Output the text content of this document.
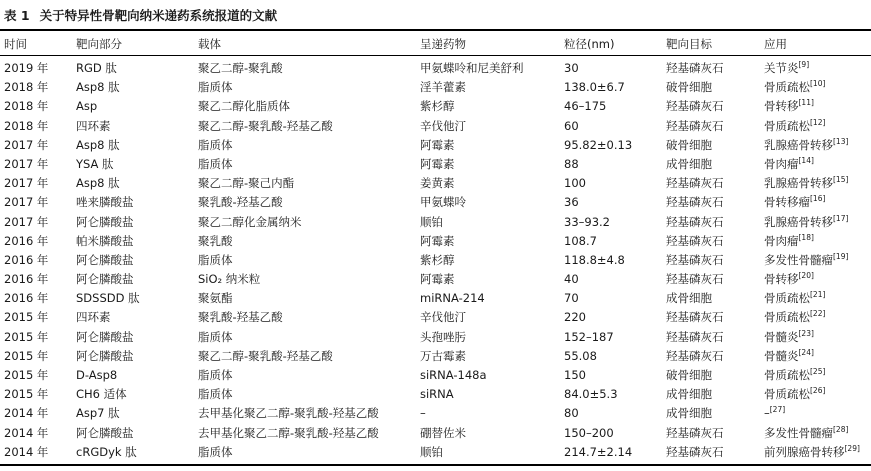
表 1 关于特异性骨靶向纳米递药系统报道的文献
时间	靶向部分	载体	呈递药物	粒径(nm)	靶向目标	应用
2019 年	RGD 肽	聚乙二醇-聚乳酸	甲氨蝶呤和尼美舒利	30	羟基磷灰石	关节炎[9]
2018 年	Asp8 肽	脂质体	淫羊藿素	138.0±6.7	破骨细胞	骨质疏松[10]
2018 年	Asp	聚乙二醇化脂质体	紫杉醇	46–175	羟基磷灰石	骨转移[11]
2018 年	四环素	聚乙二醇-聚乳酸-羟基乙酸	辛伐他汀	60	羟基磷灰石	骨质疏松[12]
2017 年	Asp8 肽	脂质体	阿霉素	95.82±0.13	破骨细胞	乳腺癌骨转移[13]
2017 年	YSA 肽	脂质体	阿霉素	88	成骨细胞	骨肉瘤[14]
2017 年	Asp8 肽	聚乙二醇-聚己内酯	姜黄素	100	羟基磷灰石	乳腺癌骨转移[15]
2017 年	唑来膦酸盐	聚乳酸-羟基乙酸	甲氨蝶呤	36	羟基磷灰石	骨转移瘤[16]
2017 年	阿仑膦酸盐	聚乙二醇化金属纳米	顺铂	33–93.2	羟基磷灰石	乳腺癌骨转移[17]
2016 年	帕米膦酸盐	聚乳酸	阿霉素	108.7	羟基磷灰石	骨肉瘤[18]
2016 年	阿仑膦酸盐	脂质体	紫杉醇	118.8±4.8	羟基磷灰石	多发性骨髓瘤[19]
2016 年	阿仑膦酸盐	SiO₂ 纳米粒	阿霉素	40	羟基磷灰石	骨转移[20]
2016 年	SDSSDD 肽	聚氨酯	miRNA-214	70	成骨细胞	骨质疏松[21]
2015 年	四环素	聚乳酸-羟基乙酸	辛伐他汀	220	羟基磷灰石	骨质疏松[22]
2015 年	阿仑膦酸盐	脂质体	头孢唑肟	152–187	羟基磷灰石	骨髓炎[23]
2015 年	阿仑膦酸盐	聚乙二醇-聚乳酸-羟基乙酸	万古霉素	55.08	羟基磷灰石	骨髓炎[24]
2015 年	D-Asp8	脂质体	siRNA-148a	150	破骨细胞	骨质疏松[25]
2015 年	CH6 适体	脂质体	siRNA	84.0±5.3	成骨细胞	骨质疏松[26]
2014 年	Asp7 肽	去甲基化聚乙二醇-聚乳酸-羟基乙酸	–	80	成骨细胞	–[27]
2014 年	阿仑膦酸盐	去甲基化聚乙二醇-聚乳酸-羟基乙酸	硼替佐米	150–200	羟基磷灰石	多发性骨髓瘤[28]
2014 年	cRGDyk 肽	脂质体	顺铂	214.7±2.14	羟基磷灰石	前列腺癌骨转移[29]
